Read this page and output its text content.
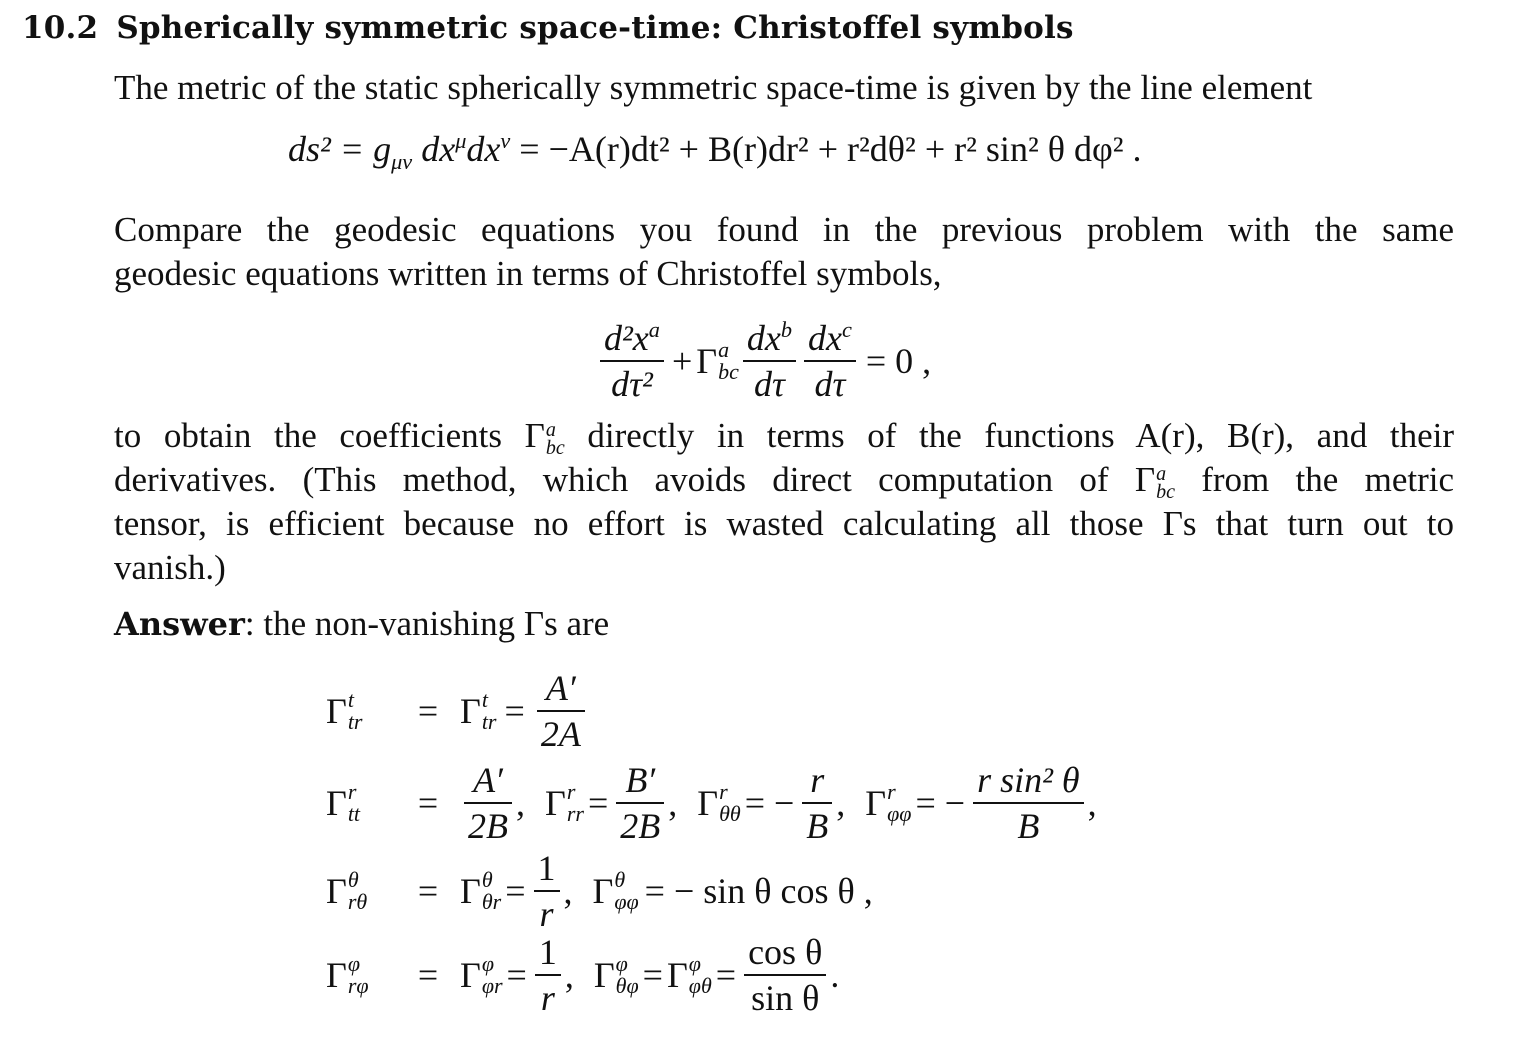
10.2 Spherically symmetric space-time: Christoffel symbols
The metric of the static spherically symmetric space-time is given by the line element
$ds^2 = g_{\mu\nu}$ $dx^\mu dx^\nu = -A(r)dt^2 + B(r)dr^2 + r^2d\theta^2 + r^2$ sin² θ dφ² .
Compare the geodesic equations you found in the previous problem with the same
geodesic equations written in terms of Christoffel symbols,
$\frac{d^2x^a}{\text{dτ²}} + \Gamma$ a
bc $\frac{dx^b}{d\tau} \frac{dx^c}{d\tau} = 0$ ,
to obtain the coefficients Γ a
bc directly in terms of the functions A(r), B(r), and their
derivatives. (This method, which avoids direct computation of Γ a
bc from the metric
tensor, is efficient because no effort is wasted calculating all those Γs that turn out to
vanish.)
Answer: the non-vanishing Γs are
Γ t
tr	= Γ t
tr = $\frac{A'}{2A}$
Γ r
tt	= $\frac{A'}{2B}$ , Γ r
rr = $\frac{B'}{2B}$ , Γ r
θθ = − $\frac{r}{B}$ , Γ r
φφ = − $\frac{\text{r sin² θ}}{B}$ ,
Γ θ
rθ	= Γ θ
$\theta r = \frac{1}{r}$ , Γ θ
φφ = − sin θ cos θ ,
Γ φ
rφ	= Γ φ
$\varphi r = \frac{1}{r}$ , Γ φ
θφ = Γ φ
$\varphi\theta = \frac{\text{cos θ}}{\text{sin θ}}$ .
